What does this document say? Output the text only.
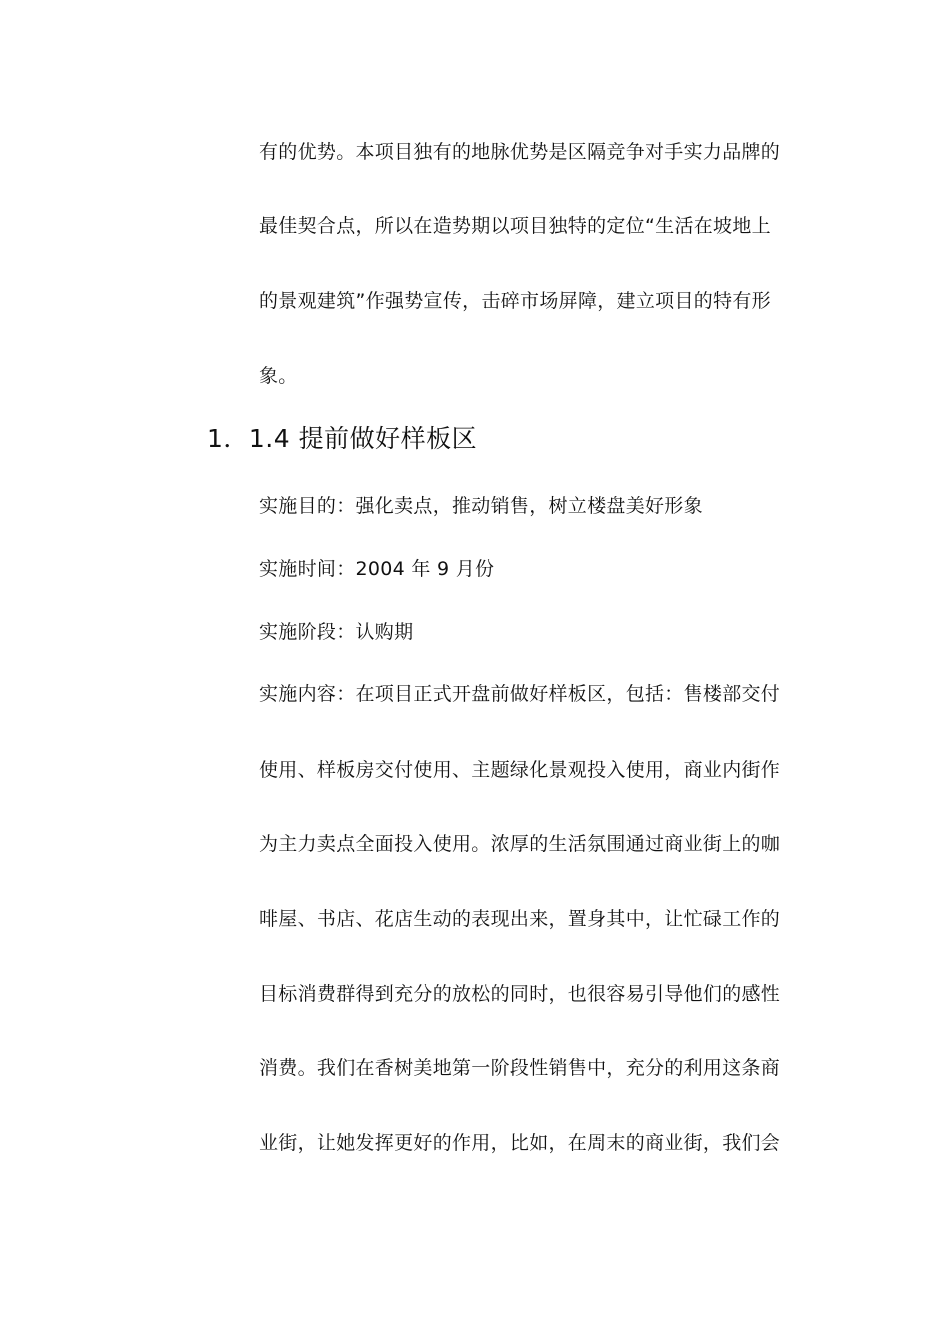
有的优势。本项目独有的地脉优势是区隔竞争对手实力品牌的
最佳契合点，所以在造势期以项目独特的定位“生活在坡地上
的景观建筑”作强势宣传，击碎市场屏障，建立项目的特有形
象。
1．1.4 提前做好样板区
实施目的：强化卖点，推动销售，树立楼盘美好形象
实施时间：2004 年 9 月份
实施阶段：认购期
实施内容：在项目正式开盘前做好样板区，包括：售楼部交付
使用、样板房交付使用、主题绿化景观投入使用，商业内街作
为主力卖点全面投入使用。浓厚的生活氛围通过商业街上的咖
啡屋、书店、花店生动的表现出来，置身其中，让忙碌工作的
目标消费群得到充分的放松的同时，也很容易引导他们的感性
消费。我们在香树美地第一阶段性销售中，充分的利用这条商
业街，让她发挥更好的作用，比如，在周末的商业街，我们会
